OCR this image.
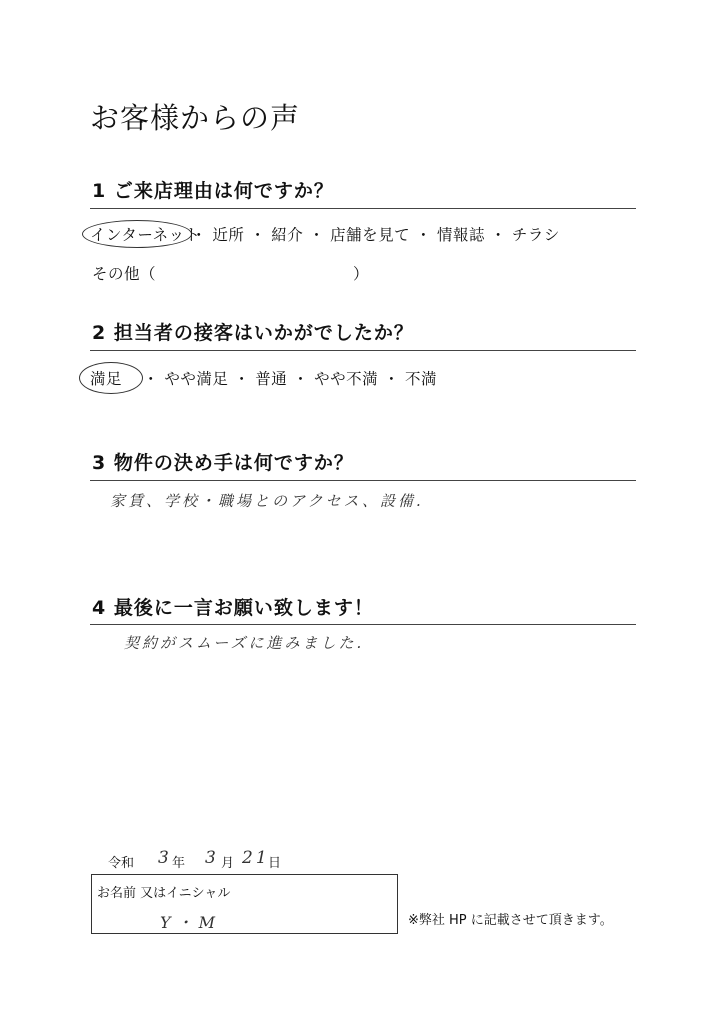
お客様からの声
1 ご来店理由は何ですか？
インターネット
・ 近所 ・ 紹介 ・ 店舗を見て ・ 情報誌 ・ チラシ
その他（	）
2 担当者の接客はいかがでしたか？
満足 ・ やや満足 ・ 普通 ・ やや不満 ・ 不満
3 物件の決め手は何ですか？
家賃、学校・職場とのアクセス、設備.
4 最後に一言お願い致します！
契約がスムーズに進みました.
令和 3 年 3 月 21
日
お名前 又はイニシャル
Y・M	※弊社 HP に記載させて頂きます。
